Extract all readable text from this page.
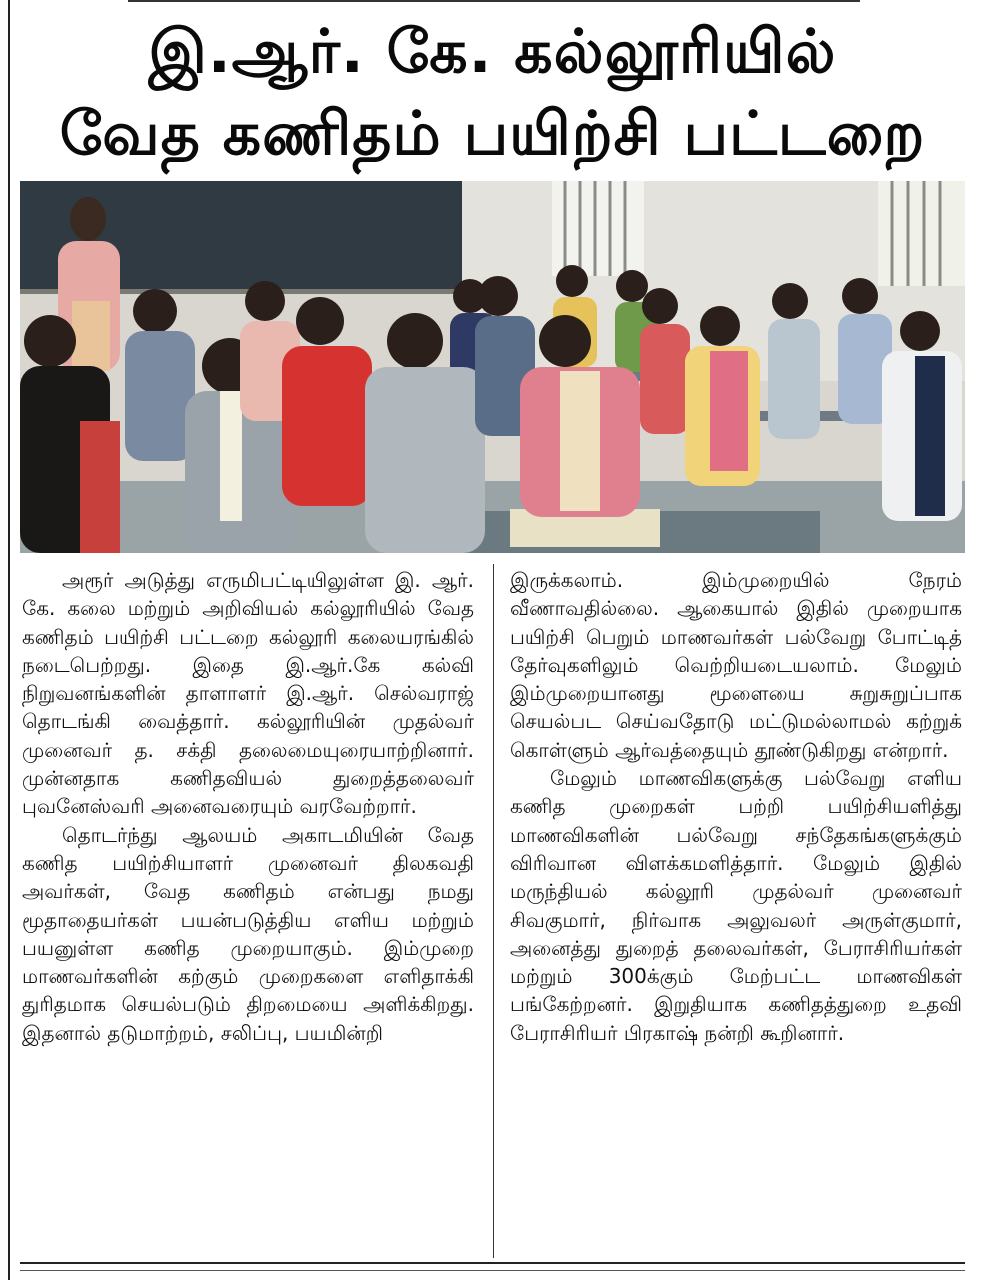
இ.ஆர். கே. கல்லூரியில்
வேத கணிதம் பயிற்சி பட்டறை

அரூர் அடுத்து எருமிபட்டியிலுள்ள இ. ஆர். கே. கலை மற்றும் அறிவியல் கல்லூரியில் வேத கணிதம் பயிற்சி பட்டறை கல்லூரி கலையரங்கில் நடைபெற்றது. இதை இ.ஆர்.கே கல்வி நிறுவனங்களின் தாளாளர் இ.ஆர். செல்வராஜ் தொடங்கி வைத்தார். கல்லூரியின் முதல்வர் முனைவர் த. சக்தி தலைமையுரையாற்றினார். முன்னதாக கணிதவியல் துறைத்தலைவர் புவனேஸ்வரி அனைவரையும் வரவேற்றார்.

தொடர்ந்து ஆலயம் அகாடமியின் வேத கணித பயிற்சியாளர் முனைவர் திலகவதி அவர்கள், வேத கணிதம் என்பது நமது மூதாதையர்கள் பயன்படுத்திய எளிய மற்றும் பயனுள்ள கணித முறையாகும். இம்முறை மாணவர்களின் கற்கும் முறைகளை எளிதாக்கி துரிதமாக செயல்படும் திறமையை அளிக்கிறது. இதனால் தடுமாற்றம், சலிப்பு, பயமின்றி

இருக்கலாம். இம்முறையில் நேரம் வீணாவதில்லை. ஆகையால் இதில் முறையாக பயிற்சி பெறும் மாணவர்கள் பல்வேறு போட்டித் தேர்வுகளிலும் வெற்றியடையலாம். மேலும் இம்முறையானது மூளையை சுறுசுறுப்பாக செயல்பட செய்வதோடு மட்டுமல்லாமல் கற்றுக் கொள்ளும் ஆர்வத்தையும் தூண்டுகிறது என்றார்.

மேலும் மாணவிகளுக்கு பல்வேறு எளிய கணித முறைகள் பற்றி பயிற்சியளித்து மாணவிகளின் பல்வேறு சந்தேகங்களுக்கும் விரிவான விளக்கமளித்தார். மேலும் இதில் மருந்தியல் கல்லூரி முதல்வர் முனைவர் சிவகுமார், நிர்வாக அலுவலர் அருள்குமார், அனைத்து துறைத் தலைவர்கள், பேராசிரியர்கள் மற்றும் 300க்கும் மேற்பட்ட மாணவிகள் பங்கேற்றனர். இறுதியாக கணிதத்துறை உதவி பேராசிரியர் பிரகாஷ் நன்றி கூறினார்.
